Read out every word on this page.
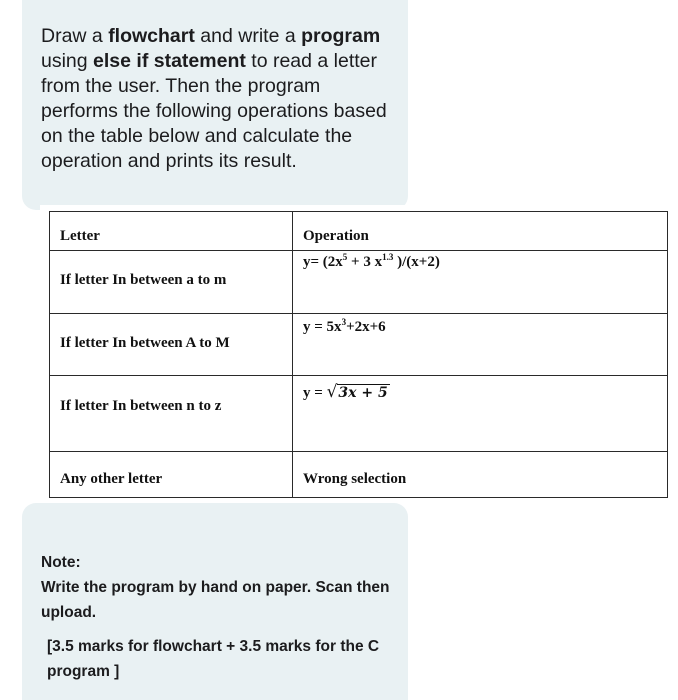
Draw a flowchart and write a program using else if statement to read a letter from the user. Then the program performs the following operations based on the table below and calculate the operation and prints its result.

Letter	Operation

If letter In between a to m	$y= (2x^5 + 3$ $x^{1.3}$ )/(x+2)

If letter In between A to M	$y = 5x^3+2x+6$

If letter In between n to z	y = √3x + 5

Any other letter	Wrong selection

Note:

Write the program by hand on paper. Scan then upload.

[3.5 marks for flowchart + 3.5 marks for the C program ]
